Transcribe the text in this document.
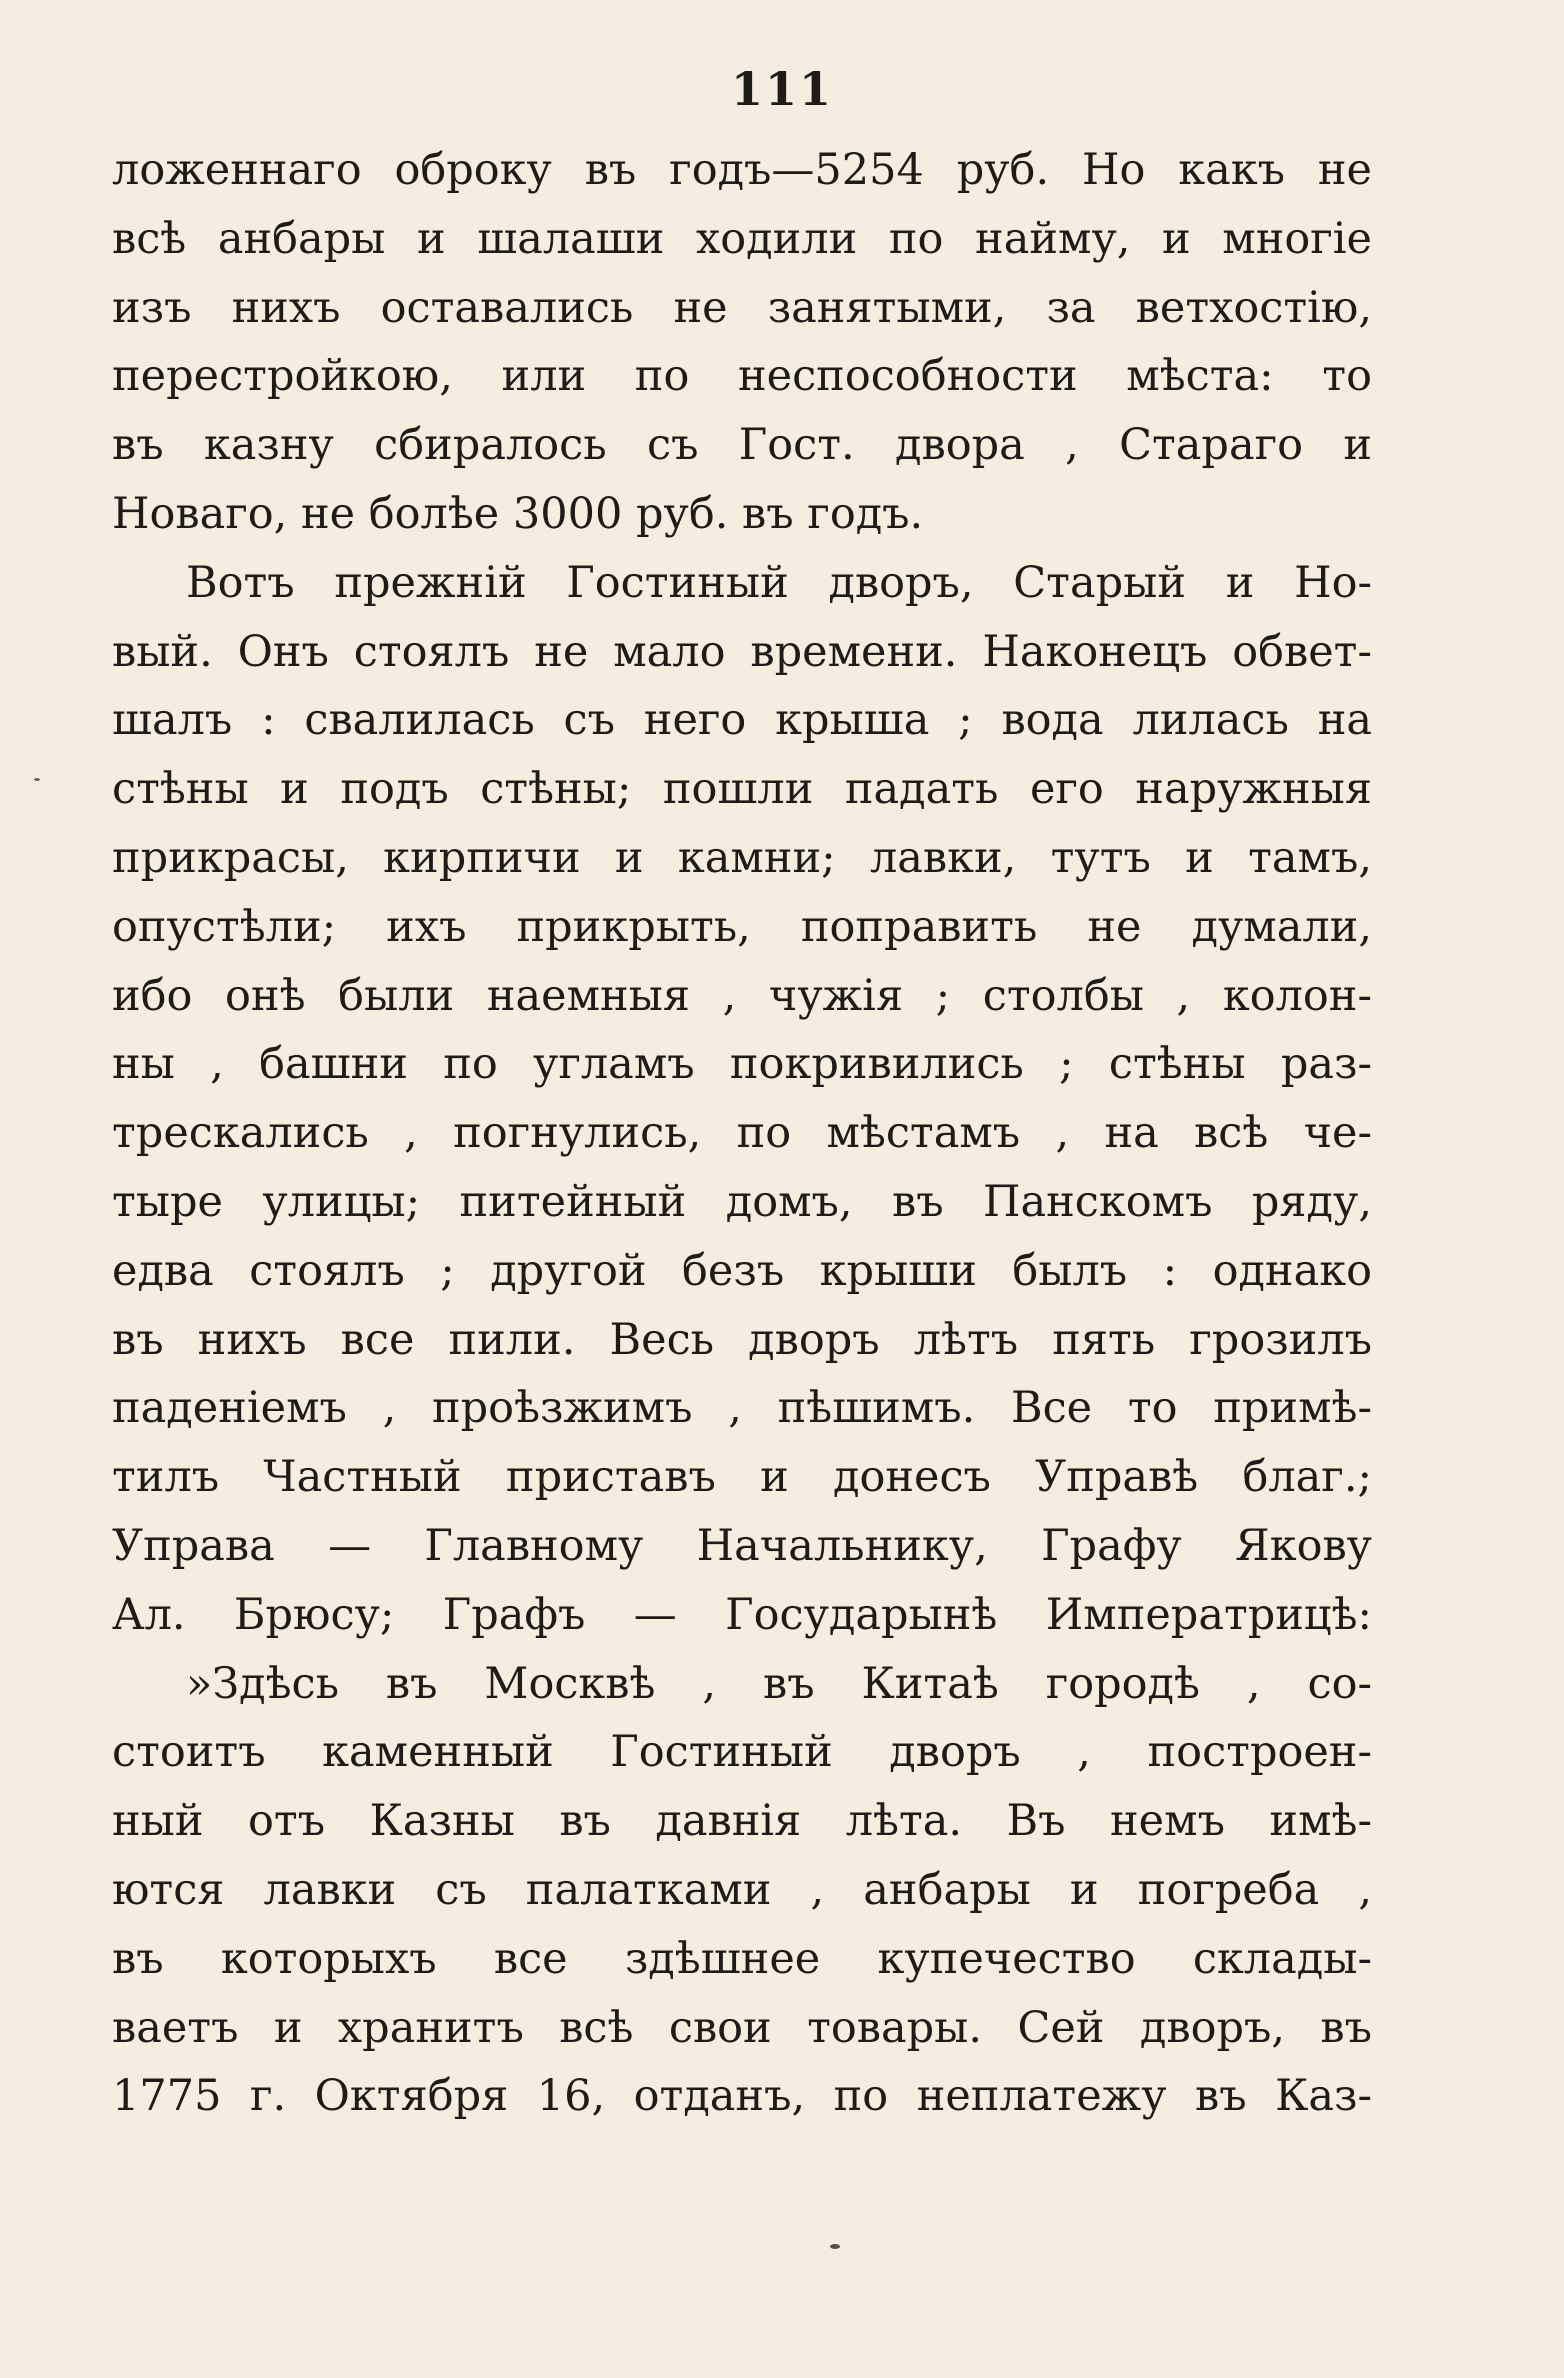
111
ложеннаго оброку въ годъ—5254 руб. Но какъ не
всѣ анбары и шалаши ходили по найму, и многіе
изъ нихъ оставались не занятыми, за ветхостію,
перестройкою, или по неспособности мѣста: то
въ казну сбиралось съ Гост. двора , Стараго и
Новаго, не болѣе 3000 руб. въ годъ.
Вотъ прежній Гостиный дворъ, Старый и Но-
вый. Онъ стоялъ не мало времени. Наконецъ обвет-
шалъ : свалилась съ него крыша ; вода лилась на
стѣны и подъ стѣны; пошли падать его наружныя
прикрасы, кирпичи и камни; лавки, тутъ и тамъ,
опустѣли; ихъ прикрыть, поправить не думали,
ибо онѣ были наемныя , чужія ; столбы , колон-
ны , башни по угламъ покривились ; стѣны раз-
трескались , погнулись, по мѣстамъ , на всѣ че-
тыре улицы; питейный домъ, въ Панскомъ ряду,
едва стоялъ ; другой безъ крыши былъ : однако
въ нихъ все пили. Весь дворъ лѣтъ пять грозилъ
паденіемъ , проѣзжимъ , пѣшимъ. Все то примѣ-
тилъ Частный приставъ и донесъ Управѣ благ.;
Управа — Главному Начальнику, Графу Якову
Ал. Брюсу; Графъ — Государынѣ Императрицѣ:
»Здѣсь въ Москвѣ , въ Китаѣ городѣ , со-
стоитъ каменный Гостиный дворъ , построен-
ный отъ Казны въ давнія лѣта. Въ немъ имѣ-
ются лавки съ палатками , анбары и погреба ,
въ которыхъ все здѣшнее купечество склады-
ваетъ и хранитъ всѣ свои товары. Сей дворъ, въ
1775 г. Октября 16, отданъ, по неплатежу въ Каз-
